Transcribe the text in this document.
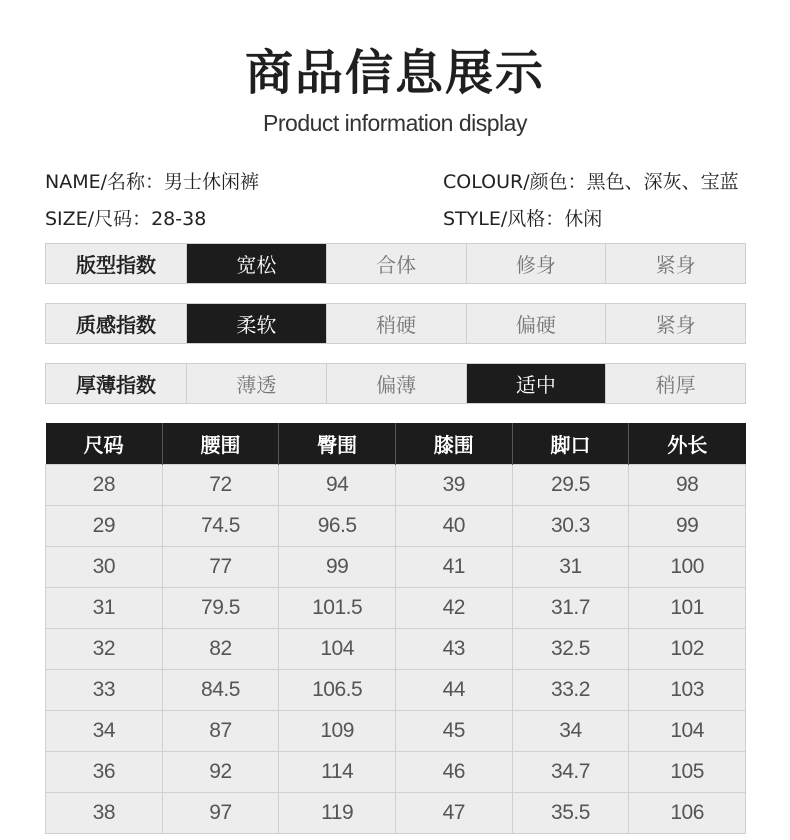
商品信息展示
Product information display
NAME/名称：男士休闲裤	COLOUR/颜色：黑色、深灰、宝蓝
SIZE/尺码：28-38	STYLE/风格：休闲
版型指数	宽松	合体	修身	紧身
质感指数	柔软	稍硬	偏硬	紧身
厚薄指数	薄透	偏薄	适中	稍厚
尺码	腰围	臀围	膝围	脚口	外长
28	72	94	39	29.5	98
29	74.5	96.5	40	30.3	99
30	77	99	41	31	100
31	79.5	101.5	42	31.7	101
32	82	104	43	32.5	102
33	84.5	106.5	44	33.2	103
34	87	109	45	34	104
36	92	114	46	34.7	105
38	97	119	47	35.5	106
